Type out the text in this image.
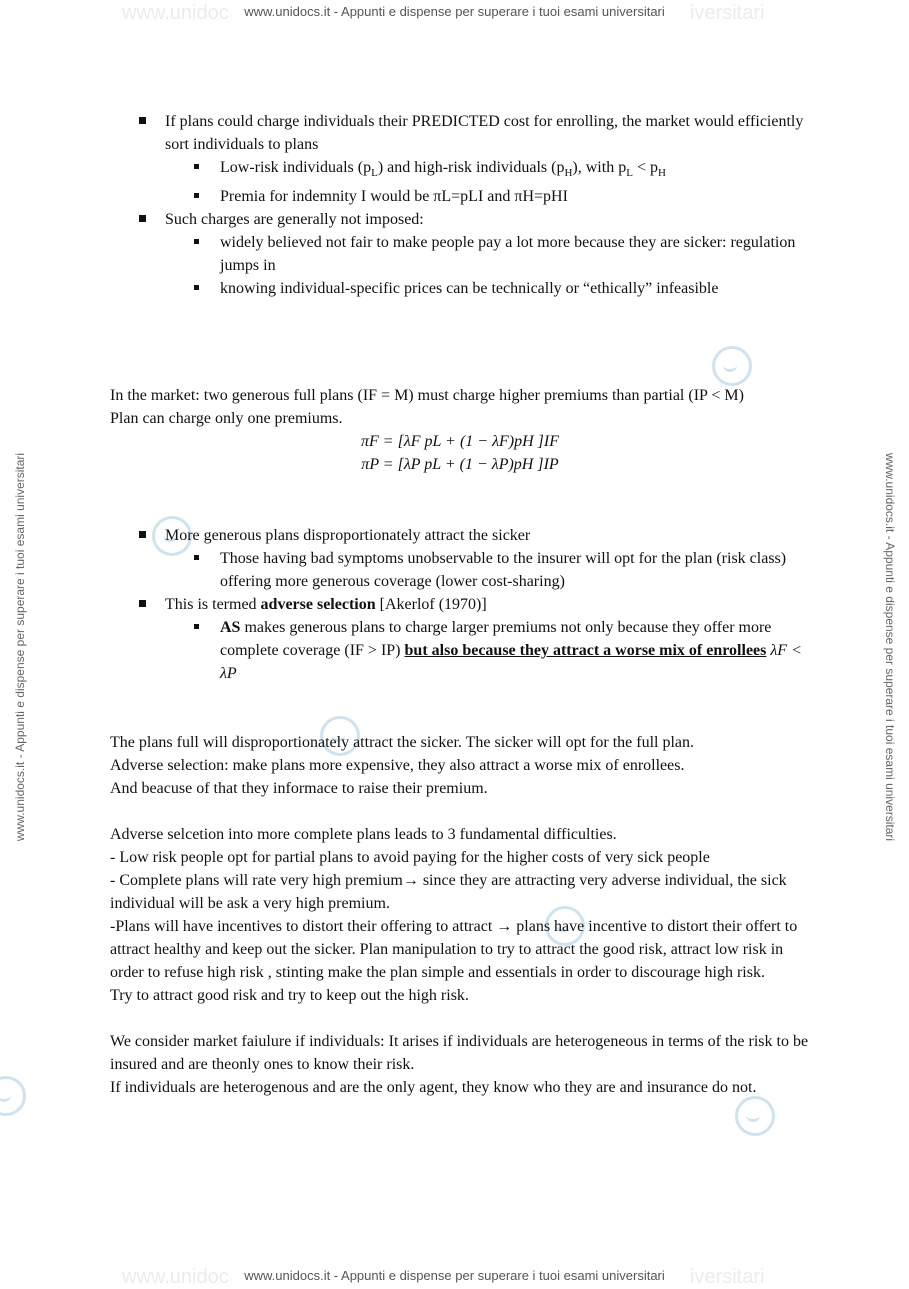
www.unidoc	iversitari
www.unidocs.it - Appunti e dispense per superare i tuoi esami universitari
www.unidocs.it - Appunti e dispense per superare i tuoi esami universitari	www.unidocs.it - Appunti e dispense per superare i tuoi esami universitari
If plans could charge individuals their PREDICTED cost for enrolling, the market would efficiently sort individuals to plans
Low-risk individuals $(p_L)$ and high-risk individuals $(p_H)$, with $p_L < p_H$
Premia for indemnity I would be πL=pLI and πH=pHI
Such charges are generally not imposed:
widely believed not fair to make people pay a lot more because they are sicker: regulation jumps in
knowing individual-specific prices can be technically or “ethically” infeasible

In the market: two generous full plans (IF = M) must charge higher premiums than partial (IP < M)

Plan can charge only one premiums.

πF = [λF pL + (1 − λF)pH ]IF

πP = [λP pL + (1 − λP)pH ]IP

More generous plans disproportionately attract the sicker
Those having bad symptoms unobservable to the insurer will opt for the plan (risk class) offering more generous coverage (lower cost-sharing)
This is termed adverse selection [Akerlof (1970)]
AS makes generous plans to charge larger premiums not only because they offer more complete coverage (IF > IP) but also because they attract a worse mix of enrollees λF < λP

The plans full will disproportionately attract the sicker. The sicker will opt for the full plan.

Adverse selection: make plans more expensive, they also attract a worse mix of enrollees.

And beacuse of that they informace to raise their premium.

Adverse selcetion into more complete plans leads to 3 fundamental difficulties.

- Low risk people opt for partial plans to avoid paying for the higher costs of very sick people

- Complete plans will rate very high premium→ since they are attracting very adverse individual, the sick individual will be ask a very high premium.

-Plans will have incentives to distort their offering to attract → plans have incentive to distort their offert to attract healthy and keep out the sicker. Plan manipulation to try to attract the good risk, attract low risk in order to refuse high risk , stinting make the plan simple and essentials in order to discourage high risk.

Try to attract good risk and try to keep out the high risk.

We consider market faiulure if individuals: It arises if individuals are heterogeneous in terms of the risk to be insured and are theonly ones to know their risk.

If individuals are heterogenous and are the only agent, they know who they are and insurance do not.

www.unidoc	iversitari
www.unidocs.it - Appunti e dispense per superare i tuoi esami universitari
